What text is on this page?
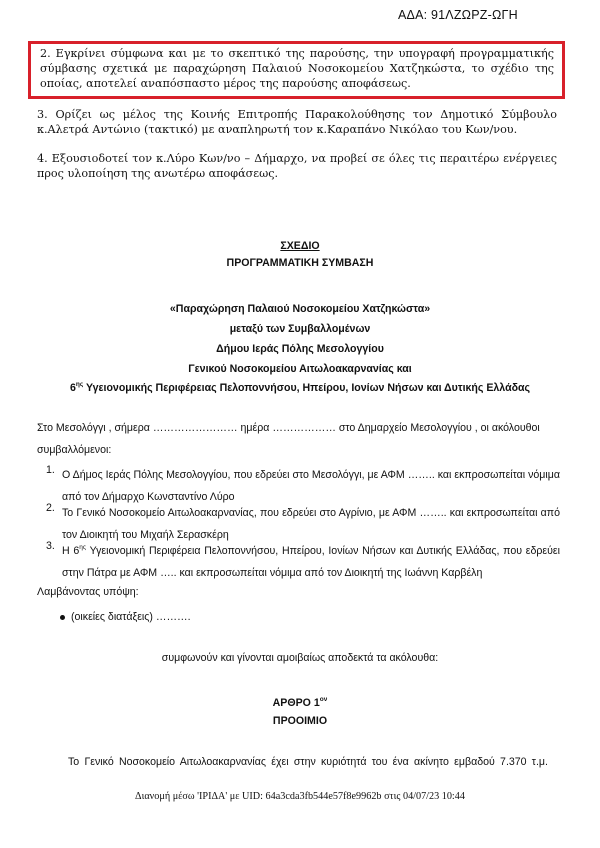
ΑΔΑ: 91ΛΖΩΡΖ-ΩΓΗ

2. Εγκρίνει σύμφωνα και με το σκεπτικό της παρούσης, την υπογραφή προγραμματικής σύμβασης σχετικά με παραχώρηση Παλαιού Νοσοκομείου Χατζηκώστα, το σχέδιο της οποίας, αποτελεί αναπόσπαστο μέρος της παρούσης αποφάσεως.

3. Ορίζει ως μέλος της Κοινής Επιτροπής Παρακολούθησης τον Δημοτικό Σύμβουλο κ.Αλετρά Αντώνιο (τακτικό) με αναπληρωτή τον κ.Καραπάνο Νικόλαο του Κων/νου.

4. Εξουσιοδοτεί τον κ.Λύρο Κων/νο – Δήμαρχο, να προβεί σε όλες τις περαιτέρω ενέργειες προς υλοποίηση της ανωτέρω αποφάσεως.

ΣΧΕΔΙΟ
ΠΡΟΓΡΑΜΜΑΤΙΚΗ ΣΥΜΒΑΣΗ
«Παραχώρηση Παλαιού Νοσοκομείου Χατζηκώστα»
μεταξύ των Συμβαλλομένων
Δήμου Ιεράς Πόλης Μεσολογγίου
Γενικού Νοσοκομείου Αιτωλοακαρνανίας και
$6^{\eta\varsigma}$ Υγειονομικής Περιφέρειας Πελοποννήσου, Ηπείρου, Ιονίων Νήσων και Δυτικής Ελλάδας

Στο Μεσολόγγι , σήμερα …………………… ημέρα ……………… στο Δημαρχείο Μεσολογγίου , οι ακόλουθοι

συμβαλλόμενοι:

1. Ο Δήμος Ιεράς Πόλης Μεσολογγίου, που εδρεύει στο Μεσολόγγι, με ΑΦΜ …….. και εκπροσωπείται νόμιμα από τον Δήμαρχο Κωνσταντίνο Λύρο

2. Το Γενικό Νοσοκομείο Αιτωλοακαρνανίας, που εδρεύει στο Αγρίνιο, με ΑΦΜ …….. και εκπροσωπείται από τον Διοικητή του Μιχαήλ Σερασκέρη

3. Η $6^{\eta\varsigma}$ Υγειονομική Περιφέρεια Πελοποννήσου, Ηπείρου, Ιονίων Νήσων και Δυτικής Ελλάδας, που εδρεύει στην Πάτρα με ΑΦΜ ….. και εκπροσωπείται νόμιμα από τον Διοικητή της Ιωάννη Καρβέλη

Λαμβάνοντας υπόψη:

(οικείες διατάξεις) ……….
συμφωνούν και γίνονται αμοιβαίως αποδεκτά τα ακόλουθα:
ΑΡΘΡΟ $1^{o\nu}$
ΠΡΟΟΙΜΙΟ

Το Γενικό Νοσοκομείο Αιτωλοακαρνανίας έχει στην κυριότητά του ένα ακίνητο εμβαδού 7.370 τ.μ.

Διανομή μέσω 'ΙΡΙΔΑ' με UID: 64a3cda3fb544e57f8e9962b στις 04/07/23 10:44
